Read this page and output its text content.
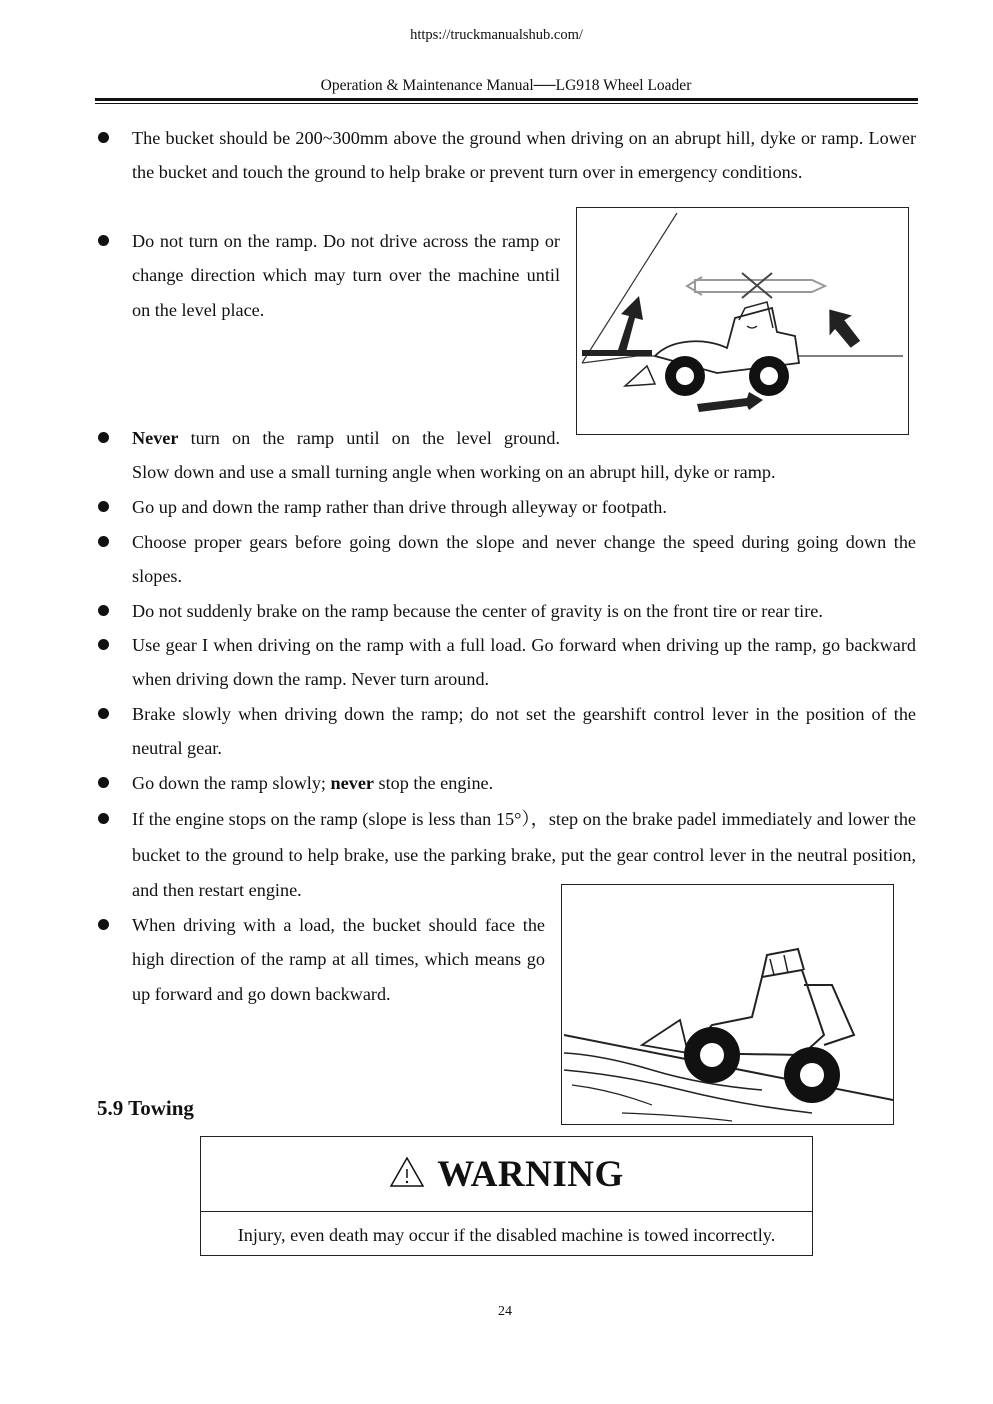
https://truckmanualshub.com/
Operation & Maintenance Manual──LG918 Wheel Loader
The bucket should be 200~300mm above the ground when driving on an abrupt hill, dyke or ramp. Lower the bucket and touch the ground to help brake or prevent turn over in emergency conditions.
Do not turn on the ramp. Do not drive across the ramp or change direction which may turn over the machine until on the level place.
Never turn on the ramp until on the level ground.
Slow down and use a small turning angle when working on an abrupt hill, dyke or ramp.
Go up and down the ramp rather than drive through alleyway or footpath.
Choose proper gears before going down the slope and never change the speed during going down the slopes.
Do not suddenly brake on the ramp because the center of gravity is on the front tire or rear tire.
Use gear I when driving on the ramp with a full load. Go forward when driving up the ramp, go backward when driving down the ramp. Never turn around.
Brake slowly when driving down the ramp; do not set the gearshift control lever in the position of the neutral gear.
Go down the ramp slowly; never stop the engine.
If the engine stops on the ramp (slope is less than 15°），step on the brake padel immediately and lower the bucket to the ground to help brake, use the parking brake, put the gear control lever in the neutral position, and then restart engine.
When driving with a load, the bucket should face the high direction of the ramp at all times, which means go up forward and go down backward.
5.9 Towing
WARNING
Injury, even death may occur if the disabled machine is towed incorrectly.
24
